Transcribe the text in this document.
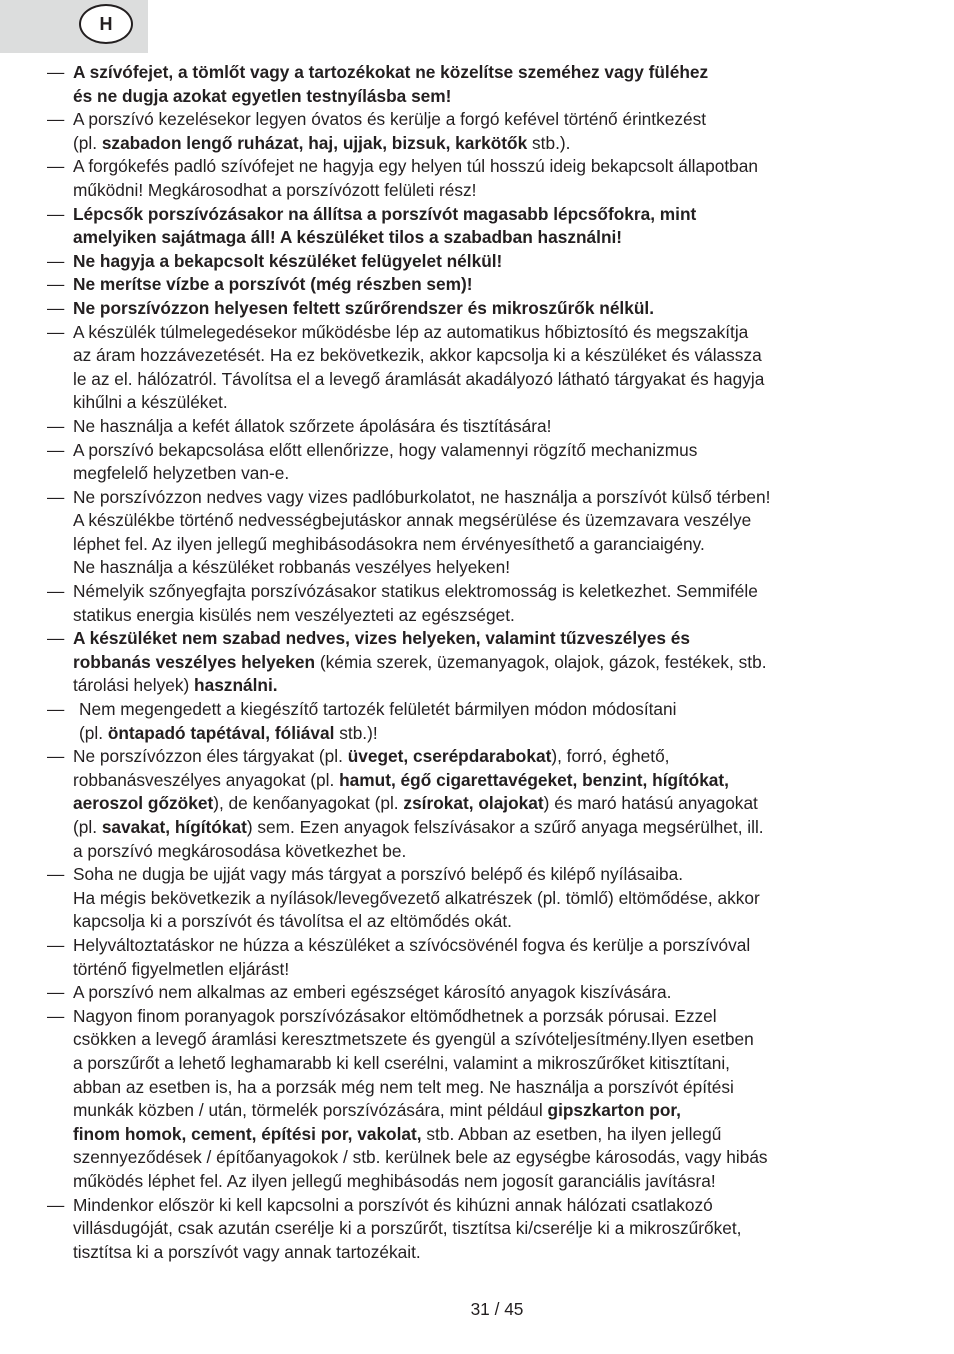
H
— A szívófejet, a tömlőt vagy a tartozékokat ne közelítse szeméhez vagy füléhez
és ne dugja azokat egyetlen testnyílásba sem!
— A porszívó kezelésekor legyen óvatos és kerülje a forgó kefével történő érintkezést
(pl. szabadon lengő ruházat, haj, ujjak, bizsuk, karkötők stb.).
— A forgókefés padló szívófejet ne hagyja egy helyen túl hosszú ideig bekapcsolt állapotban
működni! Megkárosodhat a porszívózott felületi rész!
— Lépcsők porszívózásakor na állítsa a porszívót magasabb lépcsőfokra, mint
amelyiken sajátmaga áll! A készüléket tilos a szabadban használni!
— Ne hagyja a bekapcsolt készüléket felügyelet nélkül!
— Ne merítse vízbe a porszívót (még részben sem)!
— Ne porszívózzon helyesen feltett szűrőrendszer és mikroszűrők nélkül.
— A készülék túlmelegedésekor működésbe lép az automatikus hőbiztosító és megszakítja
az áram hozzávezetését. Ha ez bekövetkezik, akkor kapcsolja ki a készüléket és válassza
le az el. hálózatról. Távolítsa el a levegő áramlását akadályozó látható tárgyakat és hagyja
kihűlni a készüléket.
— Ne használja a kefét állatok szőrzete ápolására és tisztítására!
— A porszívó bekapcsolása előtt ellenőrizze, hogy valamennyi rögzítő mechanizmus
megfelelő helyzetben van-e.
— Ne porszívózzon nedves vagy vizes padlóburkolatot, ne használja a porszívót külső térben!
A készülékbe történő nedvességbejutáskor annak megsérülése és üzemzavara veszélye
léphet fel. Az ilyen jellegű meghibásodásokra nem érvényesíthető a garanciaigény.
Ne használja a készüléket robbanás veszélyes helyeken!
— Némelyik szőnyegfajta porszívózásakor statikus elektromosság is keletkezhet. Semmiféle
statikus energia kisülés nem veszélyezteti az egészséget.
— A készüléket nem szabad nedves, vizes helyeken, valamint tűzveszélyes és
robbanás veszélyes helyeken (kémia szerek, üzemanyagok, olajok, gázok, festékek, stb.
tárolási helyek) használni.
— Nem megengedett a kiegészítő tartozék felületét bármilyen módon módosítani
(pl. öntapadó tapétával, fóliával stb.)!
— Ne porszívózzon éles tárgyakat (pl. üveget, cserépdarabokat), forró, éghető,
robbanásveszélyes anyagokat (pl. hamut, égő cigarettavégeket, benzint, hígítókat,
aeroszol gőzöket), de kenőanyagokat (pl. zsírokat, olajokat) és maró hatású anyagokat
(pl. savakat, hígítókat) sem. Ezen anyagok felszívásakor a szűrő anyaga megsérülhet, ill.
a porszívó megkárosodása következhet be.
— Soha ne dugja be ujját vagy más tárgyat a porszívó belépő és kilépő nyílásaiba.
Ha mégis bekövetkezik a nyílások/levegővezető alkatrészek (pl. tömlő) eltömődése, akkor
kapcsolja ki a porszívót és távolítsa el az eltömődés okát.
— Helyváltoztatáskor ne húzza a készüléket a szívócsövénél fogva és kerülje a porszívóval
történő figyelmetlen eljárást!
— A porszívó nem alkalmas az emberi egészséget károsító anyagok kiszívására.
— Nagyon finom poranyagok porszívózásakor eltömődhetnek a porzsák pórusai. Ezzel
csökken a levegő áramlási keresztmetszete és gyengül a szívóteljesítmény.Ilyen esetben
a porszűrőt a lehető leghamarabb ki kell cserélni, valamint a mikroszűrőket kitisztítani,
abban az esetben is, ha a porzsák még nem telt meg. Ne használja a porszívót építési
munkák közben / után, törmelék porszívózására, mint például gipszkarton por,
finom homok, cement, építési por, vakolat, stb. Abban az esetben, ha ilyen jellegű
szennyeződések / építőanyagokok / stb. kerülnek bele az egységbe károsodás, vagy hibás
működés léphet fel. Az ilyen jellegű meghibásodás nem jogosít garanciális javításra!
— Mindenkor először ki kell kapcsolni a porszívót és kihúzni annak hálózati csatlakozó
villásdugóját, csak azután cserélje ki a porszűrőt, tisztítsa ki/cserélje ki a mikroszűrőket,
tisztítsa ki a porszívót vagy annak tartozékait.
31 / 45
